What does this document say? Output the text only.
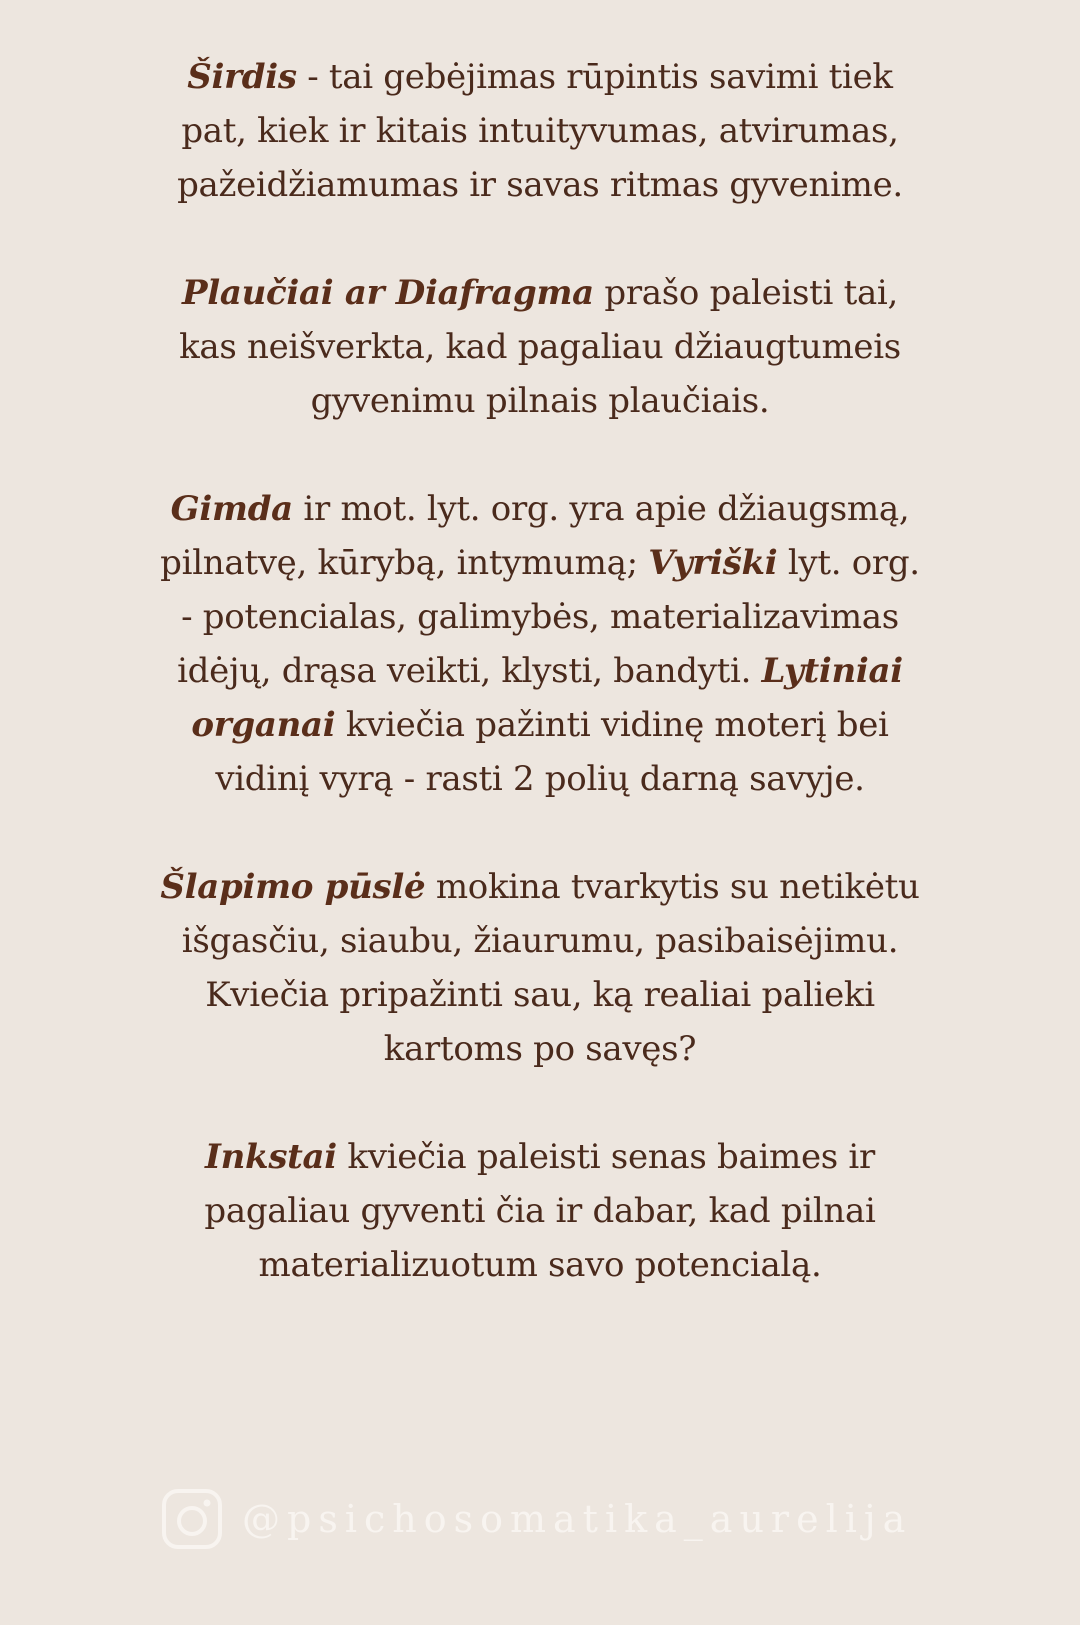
Širdis - tai gebėjimas rūpintis savimi tiek
pat, kiek ir kitais intuityvumas, atvirumas,
pažeidžiamumas ir savas ritmas gyvenime.

Plaučiai ar Diafragma prašo paleisti tai,
kas neišverkta, kad pagaliau džiaugtumeis
gyvenimu pilnais plaučiais.

Gimda ir mot. lyt. org. yra apie džiaugsmą,
pilnatvę, kūrybą, intymumą; Vyriški lyt. org.
- potencialas, galimybės, materializavimas
idėjų, drąsa veikti, klysti, bandyti. Lytiniai
organai kviečia pažinti vidinę moterį bei
vidinį vyrą - rasti 2 polių darną savyje.

Šlapimo pūslė mokina tvarkytis su netikėtu
išgasčiu, siaubu, žiaurumu, pasibaisėjimu.
Kviečia pripažinti sau, ką realiai palieki
kartoms po savęs?

Inkstai kviečia paleisti senas baimes ir
pagaliau gyventi čia ir dabar, kad pilnai
materializuotum savo potencialą.

@psichosomatika_aurelija
